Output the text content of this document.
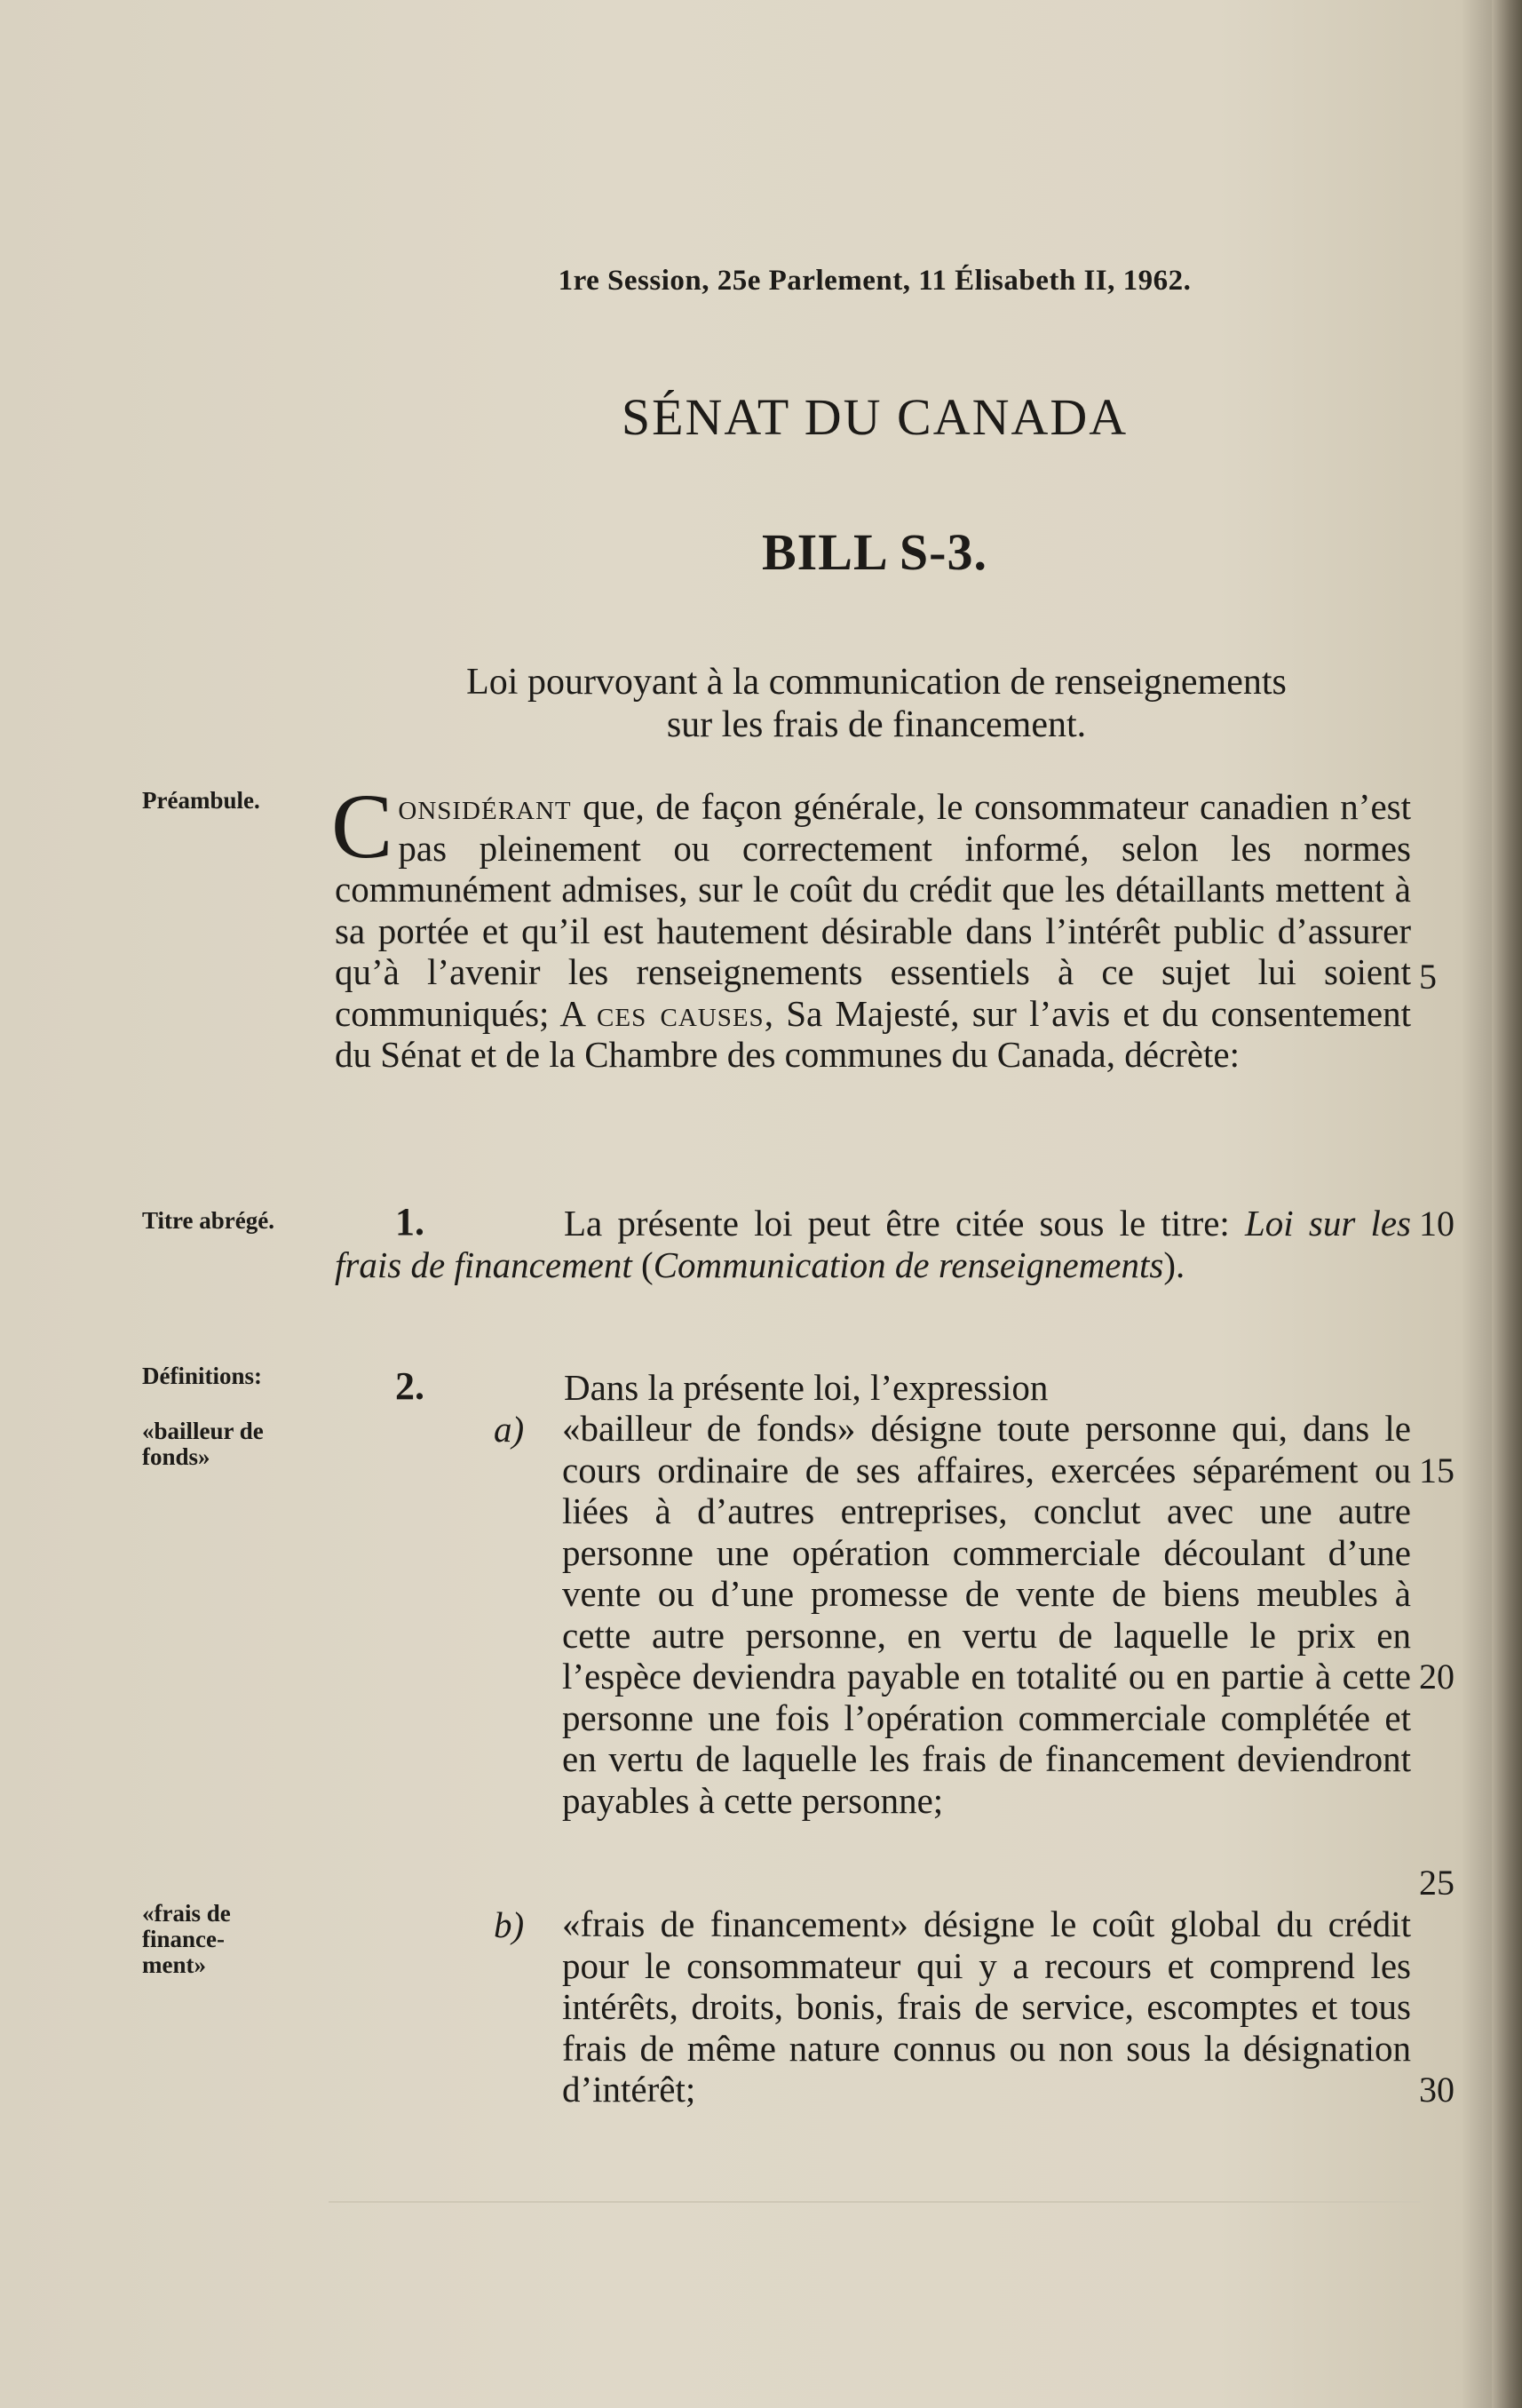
1re Session, 25e Parlement, 11 Élisabeth II, 1962.
SÉNAT DU CANADA
BILL S-3.
Loi pourvoyant à la communication de renseignements
sur les frais de financement.
Préambule.
Titre abrégé.
Définitions:
«bailleur de
fonds»
«frais de
finance-
ment»
Considérant que, de façon générale, le consommateur canadien n’est pas pleinement ou correctement informé, selon les normes communément admises, sur le coût du crédit que les détaillants mettent à sa portée et qu’il est hautement désirable dans l’intérêt public d’assurer qu’à l’avenir les renseignements essentiels à ce sujet lui soient communiqués; A ces causes, Sa Majesté, sur l’avis et du consentement du Sénat et de la Chambre des communes du Canada, décrète:
1.	La présente loi peut être citée sous le titre: Loi sur les frais de financement (Communication de renseignements).
2.	Dans la présente loi, l’expression
a) «bailleur de fonds» désigne toute personne qui, dans le cours ordinaire de ses affaires, exercées séparément ou liées à d’autres entreprises, conclut avec une autre personne une opération commerciale découlant d’une vente ou d’une promesse de vente de biens meubles à cette autre personne, en vertu de laquelle le prix en l’espèce deviendra payable en totalité ou en partie à cette personne une fois l’opération commerciale complétée et en vertu de laquelle les frais de financement deviendront payables à cette personne;
b) «frais de financement» désigne le coût global du crédit pour le consommateur qui y a recours et comprend les intérêts, droits, bonis, frais de service, escomptes et tous frais de même nature connus ou non sous la désignation d’intérêt;
5
10
15
20
25
30
